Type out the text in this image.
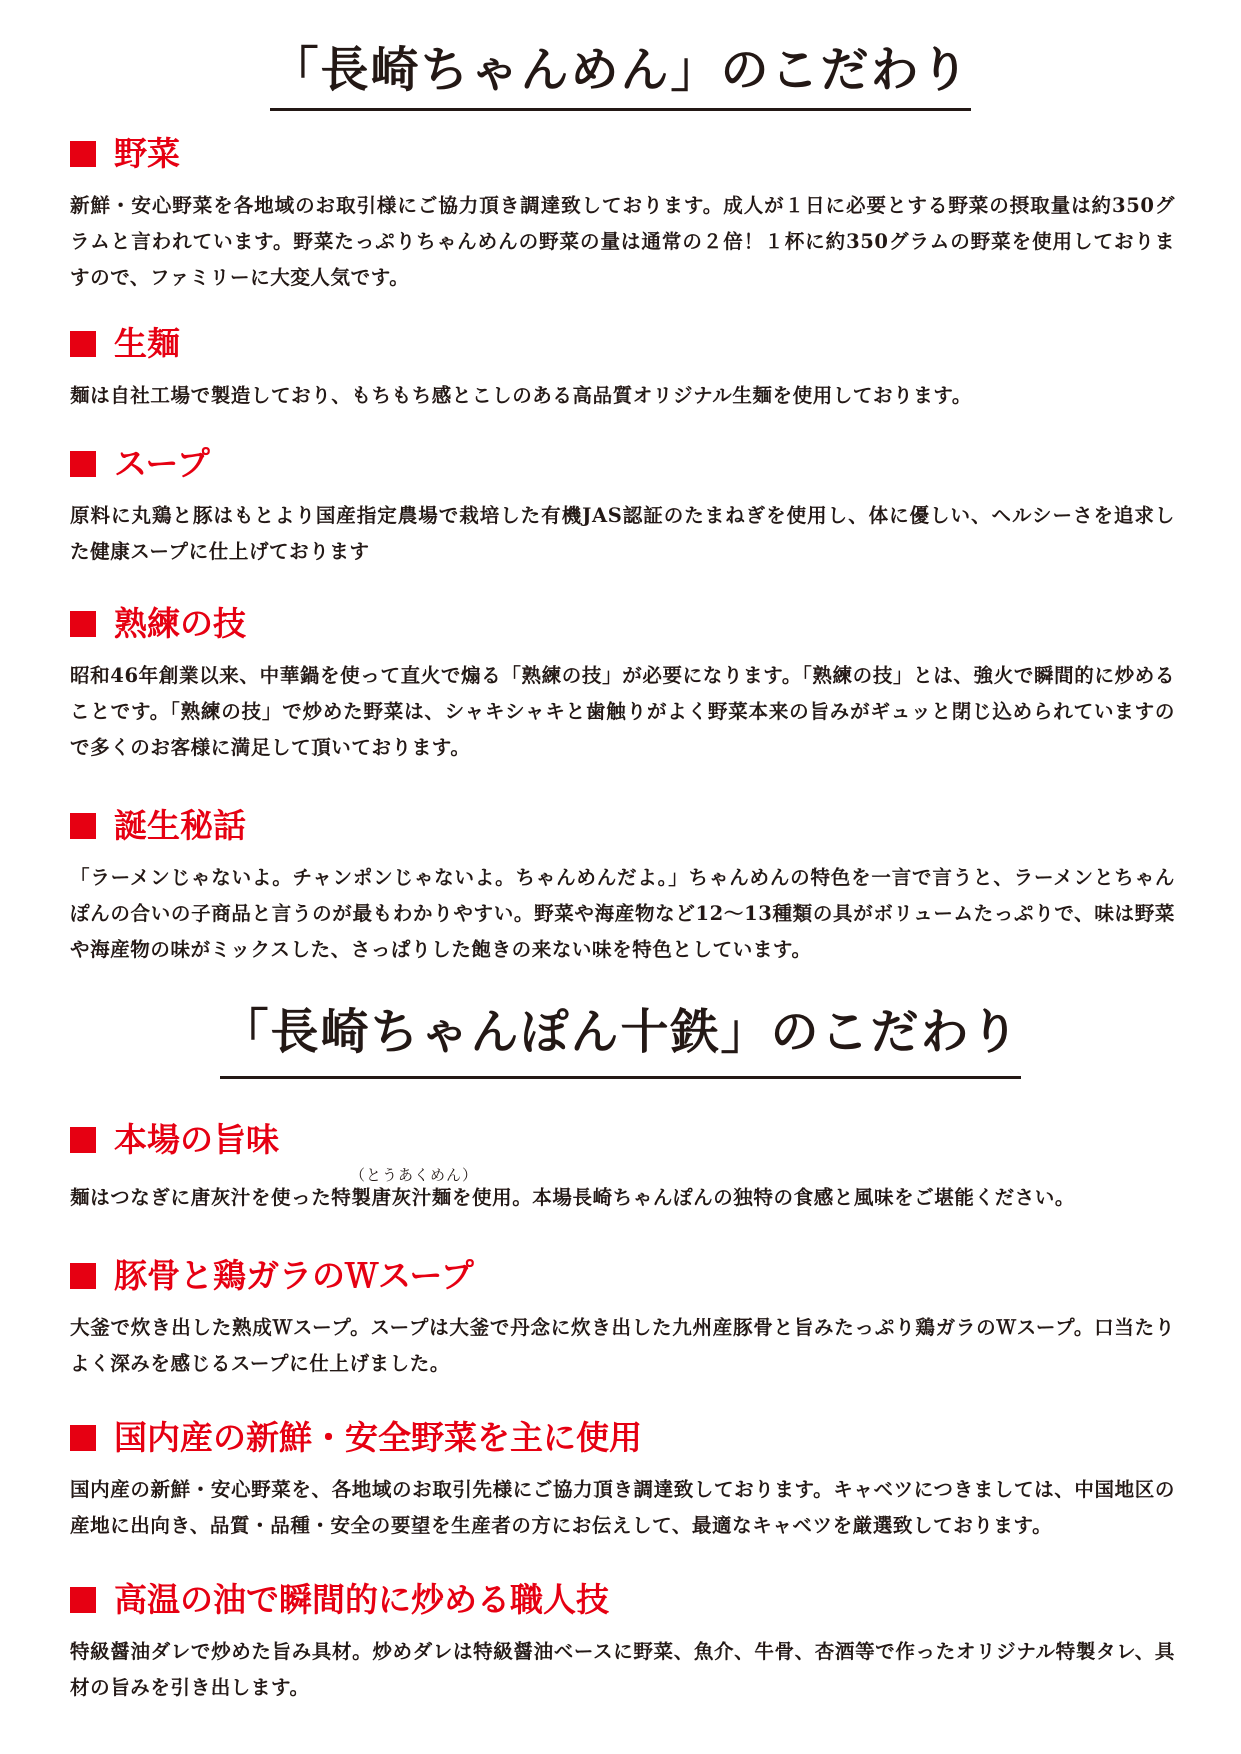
「長崎ちゃんめん」のこだわり
野菜
新鮮・安心野菜を各地域のお取引様にご協力頂き調達致しております。成人が１日に必要とする野菜の摂取量は約350グラムと言われています。野菜たっぷりちゃんめんの野菜の量は通常の２倍！１杯に約350グラムの野菜を使用しておりますので、ファミリーに大変人気です。
生麺
麺は自社工場で製造しており、もちもち感とこしのある高品質オリジナル生麺を使用しております。
スープ
原料に丸鶏と豚はもとより国産指定農場で栽培した有機JAS認証のたまねぎを使用し、体に優しい、ヘルシーさを追求した健康スープに仕上げております
熟練の技
昭和46年創業以来、中華鍋を使って直火で煽る「熟練の技」が必要になります。「熟練の技」とは、強火で瞬間的に炒めることです。「熟練の技」で炒めた野菜は、シャキシャキと歯触りがよく野菜本来の旨みがギュッと閉じ込められていますので多くのお客様に満足して頂いております。
誕生秘話
「ラーメンじゃないよ。チャンポンじゃないよ。ちゃんめんだよ。」ちゃんめんの特色を一言で言うと、ラーメンとちゃんぽんの合いの子商品と言うのが最もわかりやすい。野菜や海産物など12～13種類の具がボリュームたっぷりで、味は野菜や海産物の味がミックスした、さっぱりした飽きの来ない味を特色としています。
「長崎ちゃんぽん十鉄」のこだわり
本場の旨味
（とうあくめん）
麺はつなぎに唐灰汁を使った特製唐灰汁麺を使用。本場長崎ちゃんぽんの独特の食感と風味をご堪能ください。
豚骨と鶏ガラのＷスープ
大釜で炊き出した熟成Ｗスープ。スープは大釜で丹念に炊き出した九州産豚骨と旨みたっぷり鶏ガラのＷスープ。口当たりよく深みを感じるスープに仕上げました。
国内産の新鮮・安全野菜を主に使用
国内産の新鮮・安心野菜を、各地域のお取引先様にご協力頂き調達致しております。キャベツにつきましては、中国地区の産地に出向き、品質・品種・安全の要望を生産者の方にお伝えして、最適なキャベツを厳選致しております。
高温の油で瞬間的に炒める職人技
特級醤油ダレで炒めた旨み具材。炒めダレは特級醤油ベースに野菜、魚介、牛骨、杏酒等で作ったオリジナル特製タレ、具材の旨みを引き出します。
